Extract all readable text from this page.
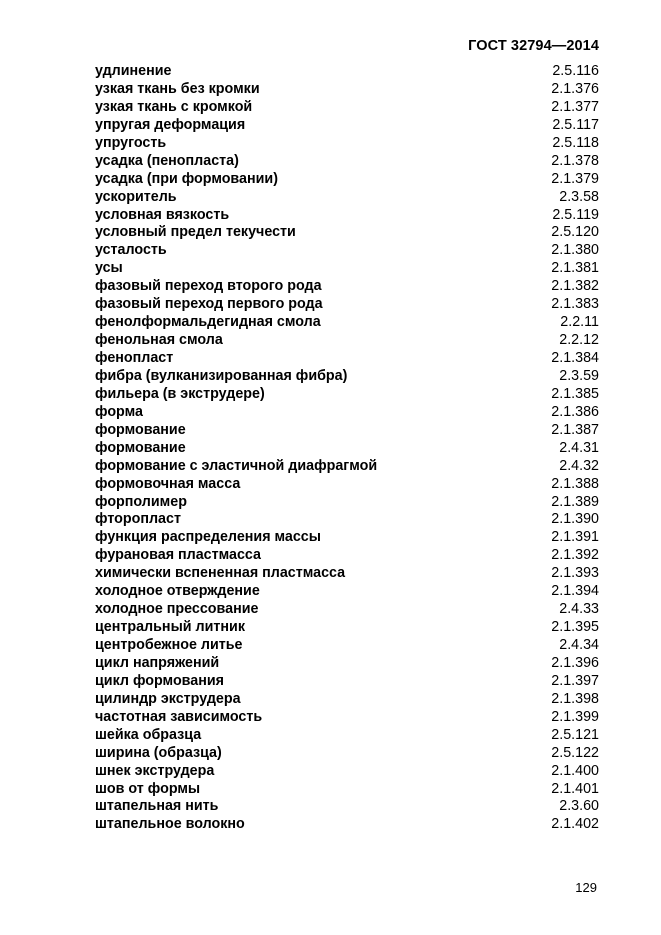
ГОСТ 32794—2014
удлинение	2.5.116
узкая ткань без кромки	2.1.376
узкая ткань с кромкой	2.1.377
упругая деформация	2.5.117
упругость	2.5.118
усадка (пенопласта)	2.1.378
усадка (при формовании)	2.1.379
ускоритель	2.3.58
условная вязкость	2.5.119
условный предел текучести	2.5.120
усталость	2.1.380
усы	2.1.381
фазовый переход второго рода	2.1.382
фазовый переход первого рода	2.1.383
фенолформальдегидная смола	2.2.11
фенольная смола	2.2.12
фенопласт	2.1.384
фибра (вулканизированная фибра)	2.3.59
фильера (в экструдере)	2.1.385
форма	2.1.386
формование	2.1.387
формование	2.4.31
формование с эластичной диафрагмой	2.4.32
формовочная масса	2.1.388
форполимер	2.1.389
фторопласт	2.1.390
функция распределения массы	2.1.391
фурановая пластмасса	2.1.392
химически вспененная пластмасса	2.1.393
холодное отверждение	2.1.394
холодное прессование	2.4.33
центральный литник	2.1.395
центробежное литье	2.4.34
цикл напряжений	2.1.396
цикл формования	2.1.397
цилиндр экструдера	2.1.398
частотная зависимость	2.1.399
шейка образца	2.5.121
ширина (образца)	2.5.122
шнек экструдера	2.1.400
шов от формы	2.1.401
штапельная нить	2.3.60
штапельное волокно	2.1.402
129
